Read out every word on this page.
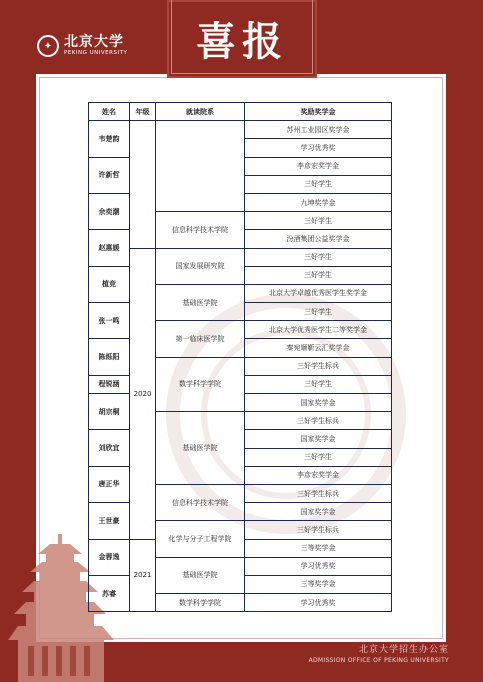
✦ 北京大学
PEKING UNIVERSITY	喜报
姓名	年级	就读院系	奖励奖学金
韦楚韵			苏州工业园区奖学金
			学习优秀奖
许新哲			李彦宏奖学金
			三好学生
余奕潮			九坤奖学金
		信息科学技术学院	三好学生
赵惠媛			汾酒集团公益奖学金
	2020	国家发展研究院	三好学生
植竞			三好学生
		基础医学院	北京大学卓越优秀医学生奖学金
张一鸣			三好学生
		第一临床医学院	北京大学优秀医学生二等奖学金
陈烁阳			秦宛顺靳云汇奖学金
		数学科学学院	三好学生标兵
程锐涵			三好学生
胡宗桐			国家奖学金
		基础医学院	三好学生标兵
刘欣宜			国家奖学金
			三好学生
唐正华			李彦宏奖学金
		信息科学技术学院	三好学生标兵
王世豪			国家奖学金
		化学与分子工程学院	三好学生标兵
金蓉逸	2021		三等奖学金
		基础医学院	学习优秀奖
苏睿			三等奖学金
		数学科学学院	学习优秀奖
北京大学招生办公室
ADMISSION OFFICE OF PEKING UNIVERSITY
